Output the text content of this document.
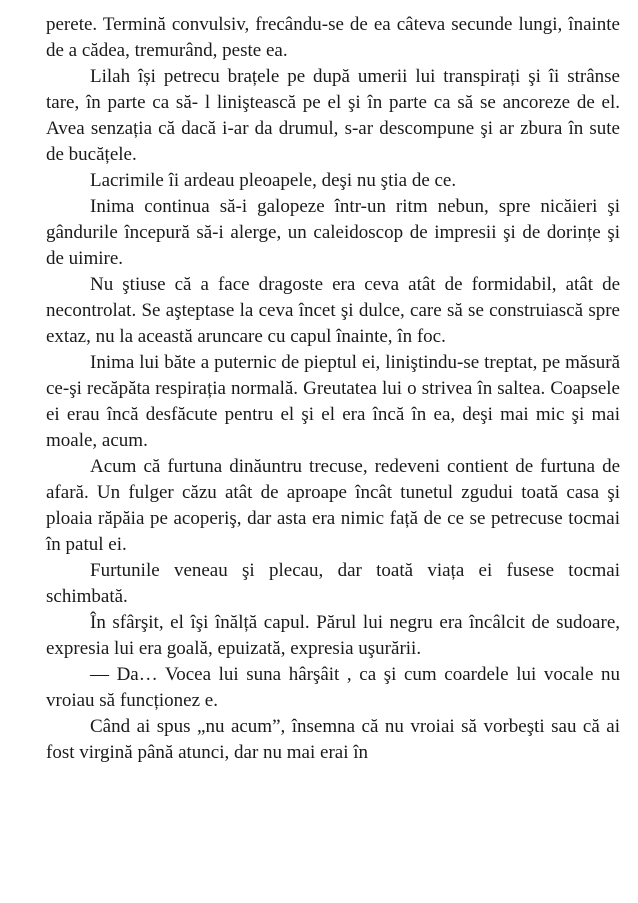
perete. Termină convulsiv, frecându-se de ea câteva secunde lungi, înainte de a cădea, tremurând, peste ea.

Lilah își petrecu brațele pe după umerii lui transpirați şi îi strânse tare, în parte ca să- l liniştească pe el şi în parte ca să se ancoreze de el. Avea senzația că dacă i-ar da drumul, s-ar descompune şi ar zbura în sute de bucățele.

Lacrimile îi ardeau pleoapele, deşi nu ştia de ce.

Inima continua să-i galopeze într-un ritm nebun, spre nicăieri şi gândurile începură să-i alerge, un caleidoscop de impresii şi de dorințe şi de uimire.

Nu ştiuse că a face dragoste era ceva atât de formidabil, atât de necontrolat. Se aşteptase la ceva încet şi dulce, care să se construiască spre extaz, nu la această aruncare cu capul înainte, în foc.

Inima lui băte a puternic de pieptul ei, liniştindu-se treptat, pe măsură ce-şi recăpăta respirația normală. Greutatea lui o strivea în saltea. Coapsele ei erau încă desfăcute pentru el şi el era încă în ea, deşi mai mic şi mai moale, acum.

Acum că furtuna dinăuntru trecuse, redeveni contient de furtuna de afară. Un fulger căzu atât de aproape încât tunetul zgudui toată casa şi ploaia răpăia pe acoperiş, dar asta era nimic față de ce se petrecuse tocmai în patul ei.

Furtunile veneau şi plecau, dar toată viața ei fusese tocmai schimbată.

În sfârşit, el îşi înălță capul. Părul lui negru era încâlcit de sudoare, expresia lui era goală, epuizată, expresia uşurării.

— Da… Vocea lui suna hârşâit , ca şi cum coardele lui vocale nu vroiau să funcționez e.

Când ai spus „nu acum”, însemna că nu vroiai să vorbeşti sau că ai fost virgină până atunci, dar nu mai erai în
